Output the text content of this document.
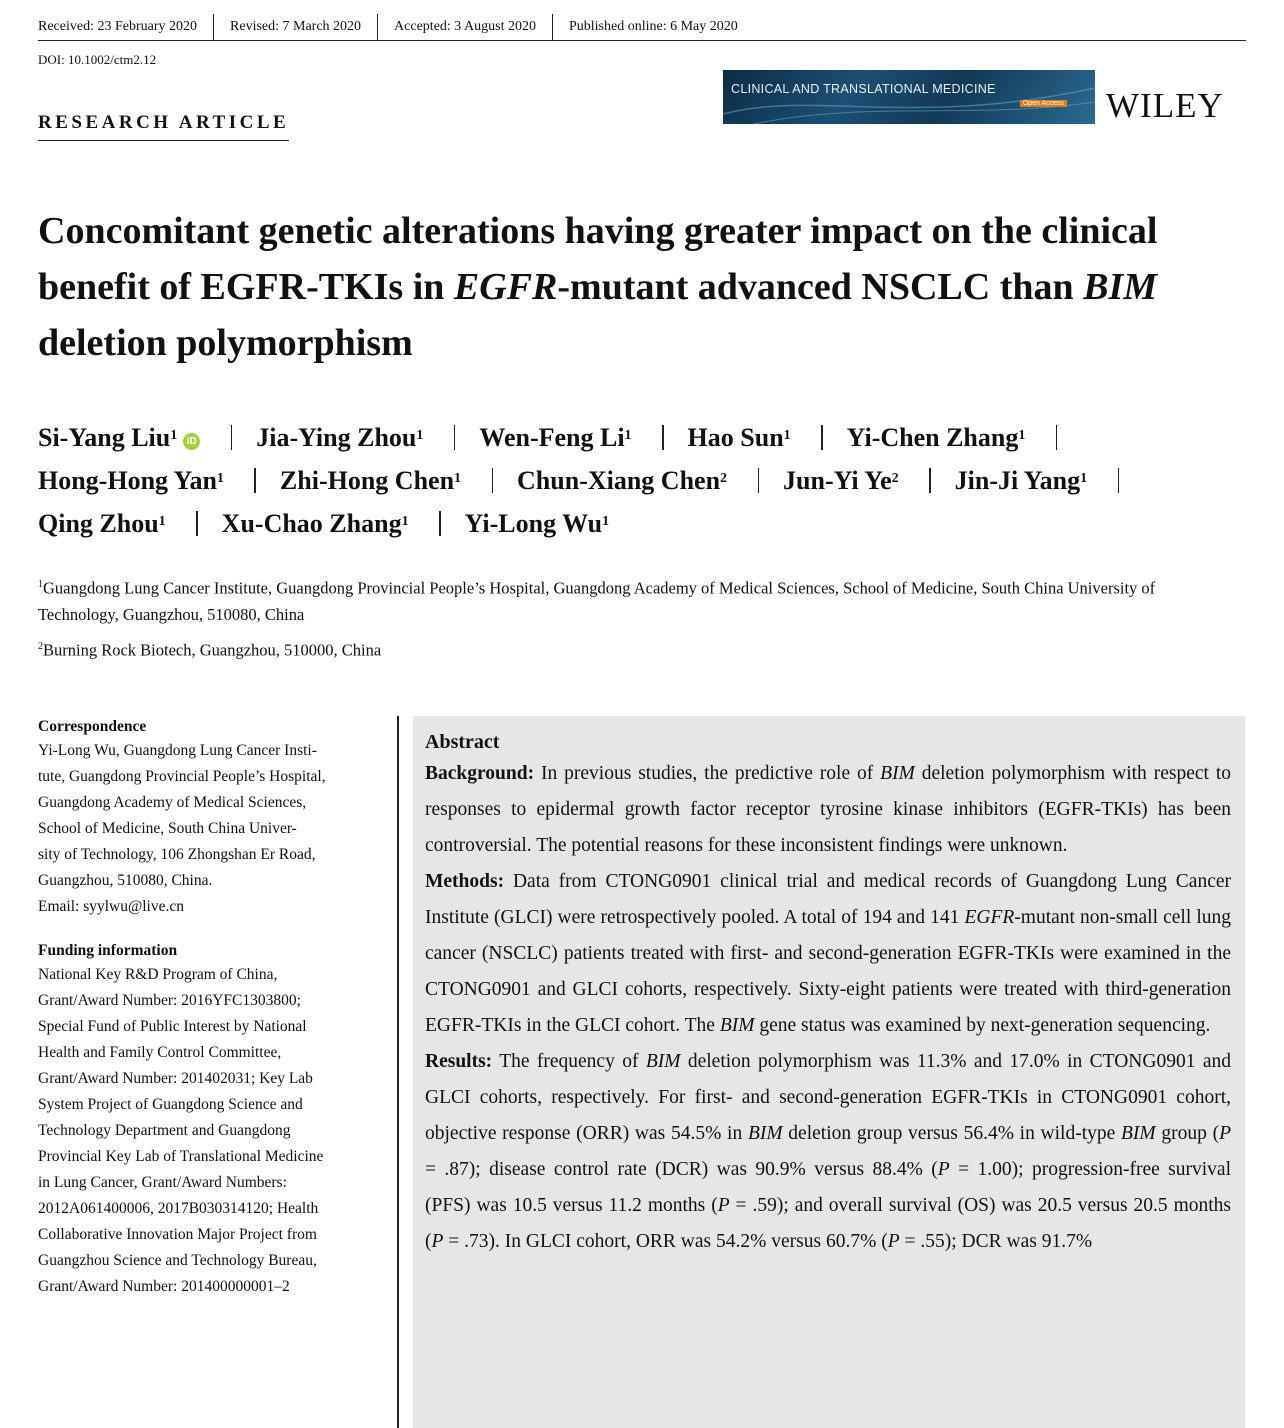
Received: 23 February 2020	Revised: 7 March 2020	Accepted: 3 August 2020	Published online: 6 May 2020
DOI: 10.1002/ctm2.12
RESEARCH ARTICLE
CLINICAL AND TRANSLATIONAL MEDICINE
Open Access WILEY
Concomitant genetic alterations having greater impact on the clinical benefit of EGFR-TKIs in EGFR-mutant advanced NSCLC than BIM deletion polymorphism
Si-Yang Liu$^1$ iD Jia-Ying Zhou$^1$ Wen-Feng Li$^1$ Hao Sun$^1$ Yi-Chen Zhang$^1$ Hong-Hong Yan$^1$ Zhi-Hong Chen$^1$ Chun-Xiang Chen$^2$ Jun-Yi Ye$^2$ Jin-Ji Yang$^1$ Qing Zhou$^1$ Xu-Chao Zhang$^1$ Yi-Long Wu$^1$

$^1$Guangdong Lung Cancer Institute, Guangdong Provincial People’s Hospital, Guangdong Academy of Medical Sciences, School of Medicine, South China University of Technology, Guangzhou, 510080, China

$^2$Burning Rock Biotech, Guangzhou, 510000, China

Correspondence
Yi-Long Wu, Guangdong Lung Cancer Insti-
tute, Guangdong Provincial People’s Hospital,
Guangdong Academy of Medical Sciences,
School of Medicine, South China Univer-
sity of Technology, 106 Zhongshan Er Road,
Guangzhou, 510080, China.
Email: syylwu@live.cn
Funding information
National Key R&D Program of China,
Grant/Award Number: 2016YFC1303800;
Special Fund of Public Interest by National
Health and Family Control Committee,
Grant/Award Number: 201402031; Key Lab
System Project of Guangdong Science and
Technology Department and Guangdong
Provincial Key Lab of Translational Medicine
in Lung Cancer, Grant/Award Numbers:
2012A061400006, 2017B030314120; Health
Collaborative Innovation Major Project from
Guangzhou Science and Technology Bureau,
Grant/Award Number: 201400000001–2
Abstract

Background: In previous studies, the predictive role of BIM deletion polymorphism with respect to responses to epidermal growth factor receptor tyrosine kinase inhibitors (EGFR-TKIs) has been controversial. The potential reasons for these inconsistent findings were unknown.

Methods: Data from CTONG0901 clinical trial and medical records of Guangdong Lung Cancer Institute (GLCI) were retrospectively pooled. A total of 194 and 141 EGFR-mutant non-small cell lung cancer (NSCLC) patients treated with first- and second-generation EGFR-TKIs were examined in the CTONG0901 and GLCI cohorts, respectively. Sixty-eight patients were treated with third-generation EGFR-TKIs in the GLCI cohort. The BIM gene status was examined by next-generation sequencing.

Results: The frequency of BIM deletion polymorphism was 11.3% and 17.0% in CTONG0901 and GLCI cohorts, respectively. For first- and second-generation EGFR-TKIs in CTONG0901 cohort, objective response (ORR) was 54.5% in BIM deletion group versus 56.4% in wild-type BIM group (P = .87); disease control rate (DCR) was 90.9% versus 88.4% (P = 1.00); progression-free survival (PFS) was 10.5 versus 11.2 months (P = .59); and overall survival (OS) was 20.5 versus 20.5 months (P = .73). In GLCI cohort, ORR was 54.2% versus 60.7% (P = .55); DCR was 91.7%
